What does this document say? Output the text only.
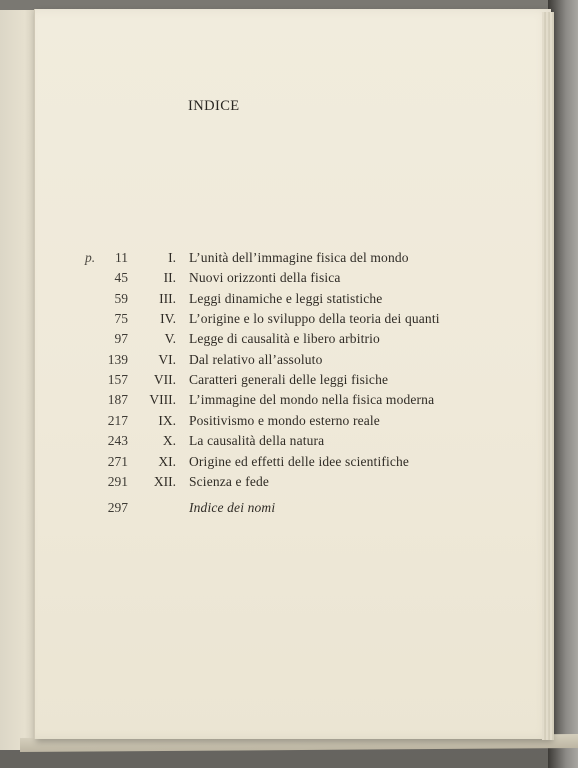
INDICE
p. 11	I. L’unità dell’immagine fisica del mondo
45	II. Nuovi orizzonti della fisica
59 III. Leggi dinamiche e leggi statistiche
75 IV. L’origine e lo sviluppo della teoria dei quanti
97	V. Legge di causalità e libero arbitrio
139 VI. Dal relativo all’assoluto
157 VII. Caratteri generali delle leggi fisiche
187 VIII. L’immagine del mondo nella fisica moderna
217 IX. Positivismo e mondo esterno reale
243	X. La causalità della natura
271 XI. Origine ed effetti delle idee scientifiche
291 XII. Scienza e fede
297	Indice dei nomi
